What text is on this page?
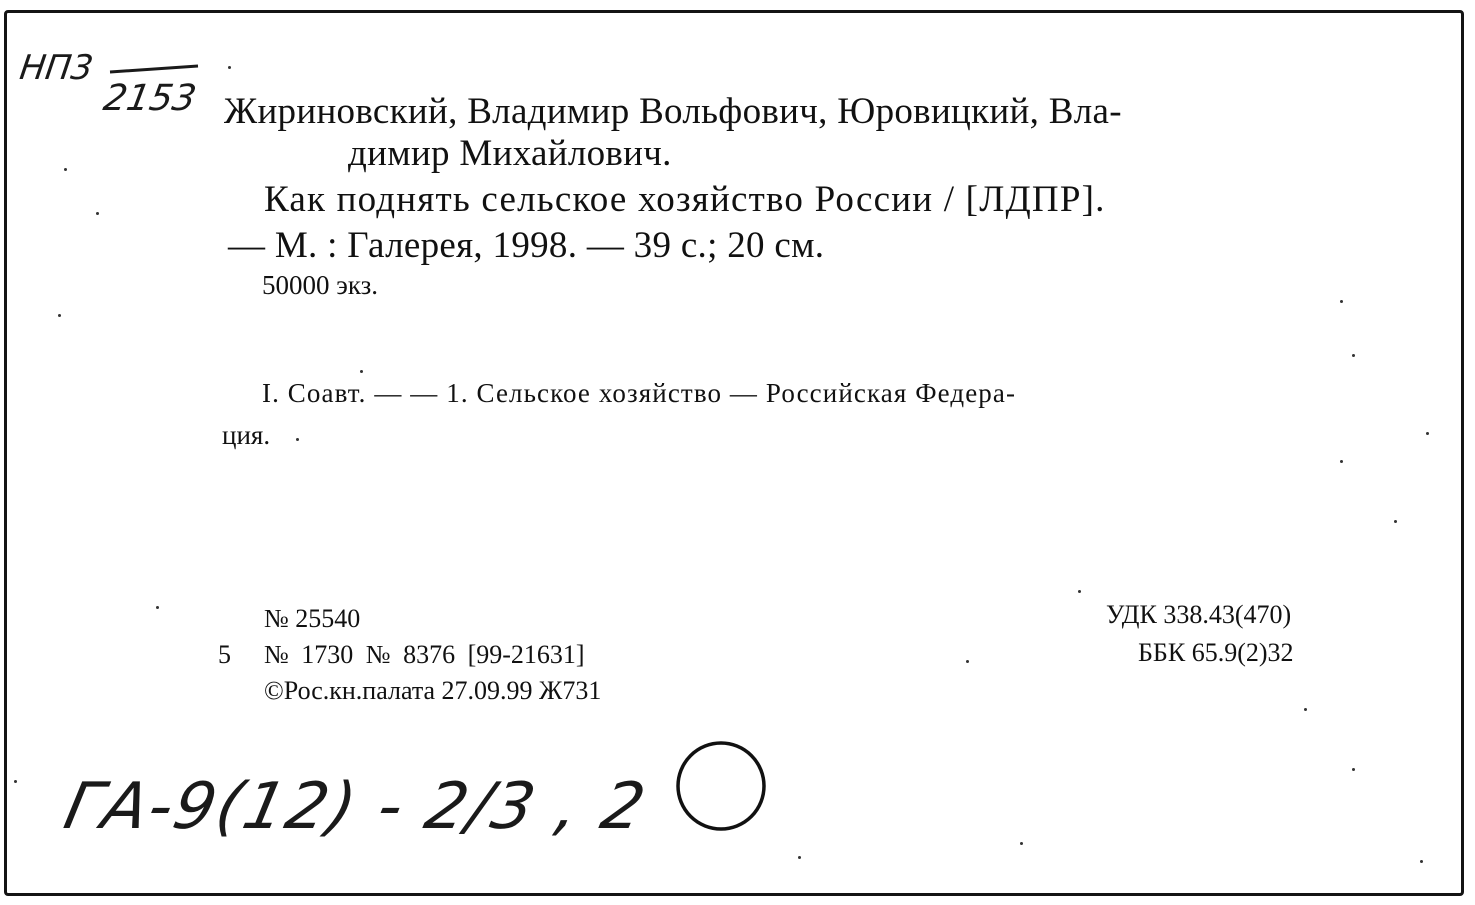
НП3
2153 Жириновский, Владимир Вольфович, Юровицкий, Вла-
димир Михайлович.
Как поднять сельское хозяйство России / [ЛДПР].
— М. : Галерея, 1998. — 39 с.; 20 см.
50000 экз.
I. Соавт. — — 1. Сельское хозяйство — Российская Федера-
ция.
№ 25540
5 № 1730 № 8376 [99-21631]
©Рос.кн.палата 27.09.99 Ж731
УДК 338.43(470)
ББК 65.9(2)32
ГА-9(12) - 2/3 , 2
